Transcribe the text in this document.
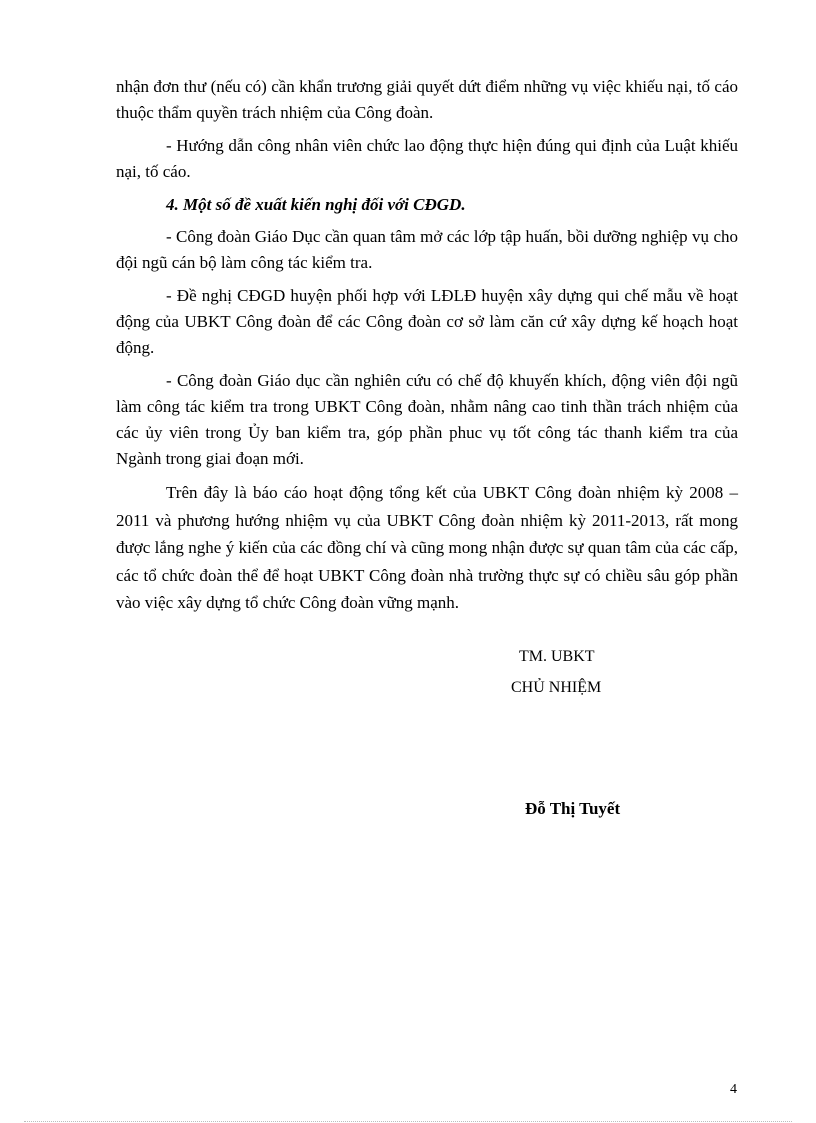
nhận đơn thư (nếu có) cần khẩn trương giải quyết dứt điểm những vụ việc khiếu nại, tố cáo thuộc thẩm quyền trách nhiệm của Công đoàn.

- Hướng dẫn công nhân viên chức lao động thực hiện đúng qui định của Luật khiếu nại, tố cáo.

4. Một số đề xuất kiến nghị đối với CĐGD.

- Công đoàn Giáo Dục cần quan tâm mở các lớp tập huấn, bồi dưỡng nghiệp vụ cho đội ngũ cán bộ làm công tác kiểm tra.

- Đề nghị CĐGD huyện phối hợp với LĐLĐ huyện xây dựng qui chế mẫu về hoạt động của UBKT Công đoàn để các Công đoàn cơ sở làm căn cứ xây dựng kế hoạch hoạt động.

- Công đoàn Giáo dục cần nghiên cứu có chế độ khuyến khích, động viên đội ngũ làm công tác kiểm tra trong UBKT Công đoàn, nhằm nâng cao tinh thần trách nhiệm của các ủy viên trong Ủy ban kiểm tra, góp phần phuc vụ tốt công tác thanh kiểm tra của Ngành trong giai đoạn mới.

Trên đây là báo cáo hoạt động tổng kết của UBKT Công đoàn nhiệm kỳ 2008 – 2011 và phương hướng nhiệm vụ của UBKT Công đoàn nhiệm kỳ 2011-2013, rất mong được lắng nghe ý kiến của các đồng chí và cũng mong nhận được sự quan tâm của các cấp, các tổ chức đoàn thể để hoạt UBKT Công đoàn nhà trường thực sự có chiều sâu góp phần vào việc xây dựng tổ chức Công đoàn vững mạnh.

TM. UBKT
CHỦ NHIỆM
Đỗ Thị Tuyết
4
